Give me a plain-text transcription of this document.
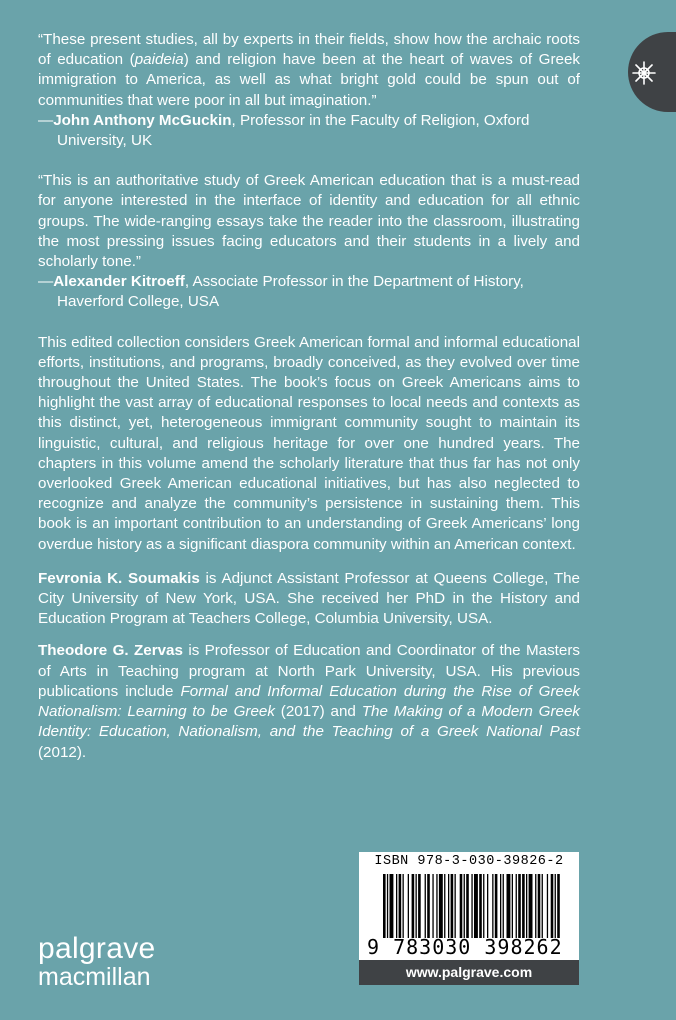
“These present studies, all by experts in their fields, show how the archaic roots of education (paideia) and religion have been at the heart of waves of Greek immigration to America, as well as what bright gold could be spun out of communities that were poor in all but imagination.”

—John Anthony McGuckin, Professor in the Faculty of Religion, Oxford University, UK

“This is an authoritative study of Greek American education that is a must-read for anyone interested in the interface of identity and education for all ethnic groups. The wide-ranging essays take the reader into the classroom, illustrating the most pressing issues facing educators and their students in a lively and scholarly tone.”

—Alexander Kitroeff, Associate Professor in the Department of History, Haverford College, USA

This edited collection considers Greek American formal and informal educational efforts, institutions, and programs, broadly conceived, as they evolved over time throughout the United States. The book’s focus on Greek Americans aims to highlight the vast array of educational responses to local needs and contexts as this distinct, yet, heterogeneous immigrant community sought to maintain its linguistic, cultural, and religious heritage for over one hundred years. The chapters in this volume amend the scholarly literature that thus far has not only overlooked Greek American educational initiatives, but has also neglected to recognize and analyze the community’s persistence in sustaining them. This book is an important contribution to an understanding of Greek Americans’ long overdue history as a significant diaspora community within an American context.

Fevronia K. Soumakis is Adjunct Assistant Professor at Queens College, The City University of New York, USA. She received her PhD in the History and Education Program at Teachers College, Columbia University, USA.

Theodore G. Zervas is Professor of Education and Coordinator of the Masters of Arts in Teaching program at North Park University, USA. His previous publications include Formal and Informal Education during the Rise of Greek Nationalism: Learning to be Greek (2017) and The Making of a Modern Greek Identity: Education, Nationalism, and the Teaching of a Greek National Past (2012).

ISBN 978-3-030-39826-2
9 783030 398262
www.palgrave.com
palgrave
macmillan
